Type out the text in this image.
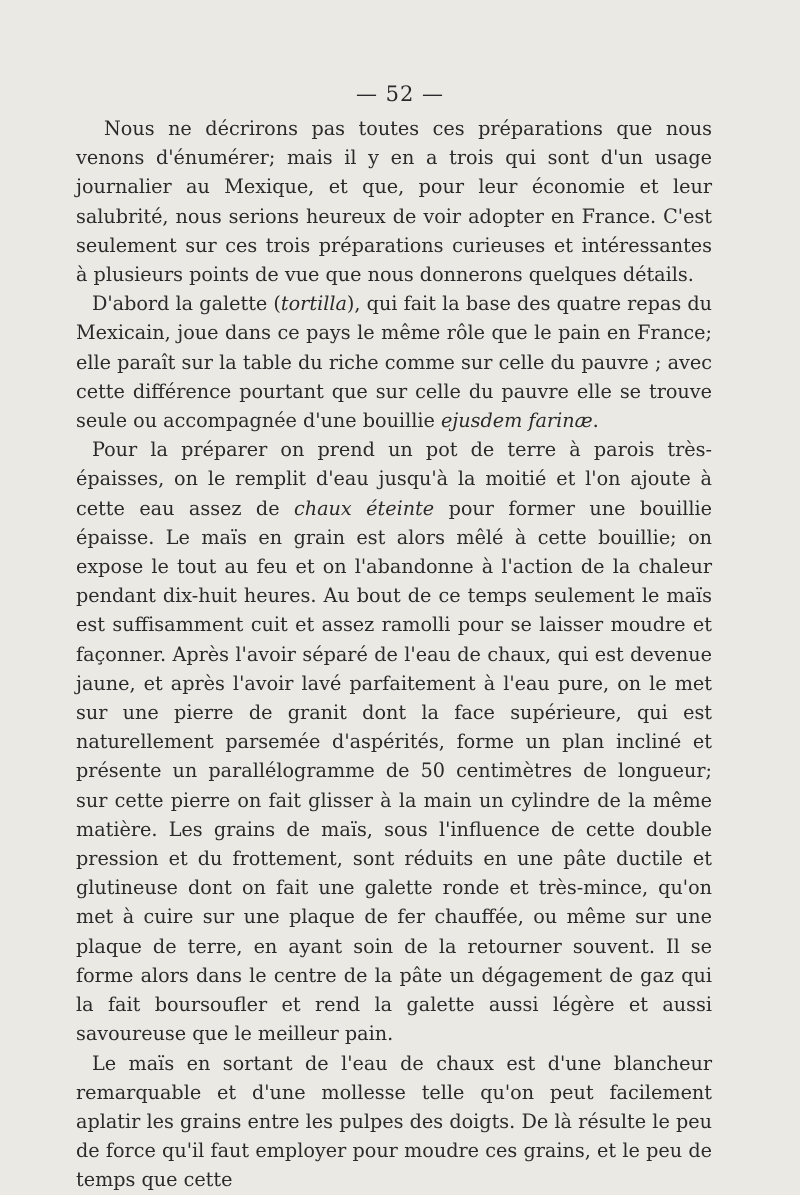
— 52 —

Nous ne décrirons pas toutes ces préparations que nous venons d'énumérer; mais il y en a trois qui sont d'un usage journalier au Mexique, et que, pour leur économie et leur salubrité, nous serions heureux de voir adopter en France. C'est seulement sur ces trois préparations curieuses et intéressantes à plusieurs points de vue que nous donnerons quelques détails.

D'abord la galette (tortilla), qui fait la base des quatre repas du Mexicain, joue dans ce pays le même rôle que le pain en France; elle paraît sur la table du riche comme sur celle du pauvre ; avec cette différence pourtant que sur celle du pauvre elle se trouve seule ou accompagnée d'une bouillie ejusdem farinæ.

Pour la préparer on prend un pot de terre à parois très-épaisses, on le remplit d'eau jusqu'à la moitié et l'on ajoute à cette eau assez de chaux éteinte pour former une bouillie épaisse. Le maïs en grain est alors mêlé à cette bouillie; on expose le tout au feu et on l'abandonne à l'action de la chaleur pendant dix-huit heures. Au bout de ce temps seulement le maïs est suffisamment cuit et assez ramolli pour se laisser moudre et façonner. Après l'avoir séparé de l'eau de chaux, qui est devenue jaune, et après l'avoir lavé parfaitement à l'eau pure, on le met sur une pierre de granit dont la face supérieure, qui est naturellement parsemée d'aspérités, forme un plan incliné et présente un parallélogramme de 50 centimètres de longueur; sur cette pierre on fait glisser à la main un cylindre de la même matière. Les grains de maïs, sous l'influence de cette double pression et du frottement, sont réduits en une pâte ductile et glutineuse dont on fait une galette ronde et très-mince, qu'on met à cuire sur une plaque de fer chauffée, ou même sur une plaque de terre, en ayant soin de la retourner souvent. Il se forme alors dans le centre de la pâte un dégagement de gaz qui la fait boursoufler et rend la galette aussi légère et aussi savoureuse que le meilleur pain.

Le maïs en sortant de l'eau de chaux est d'une blancheur remarquable et d'une mollesse telle qu'on peut facilement aplatir les grains entre les pulpes des doigts. De là résulte le peu de force qu'il faut employer pour moudre ces grains, et le peu de temps que cette
